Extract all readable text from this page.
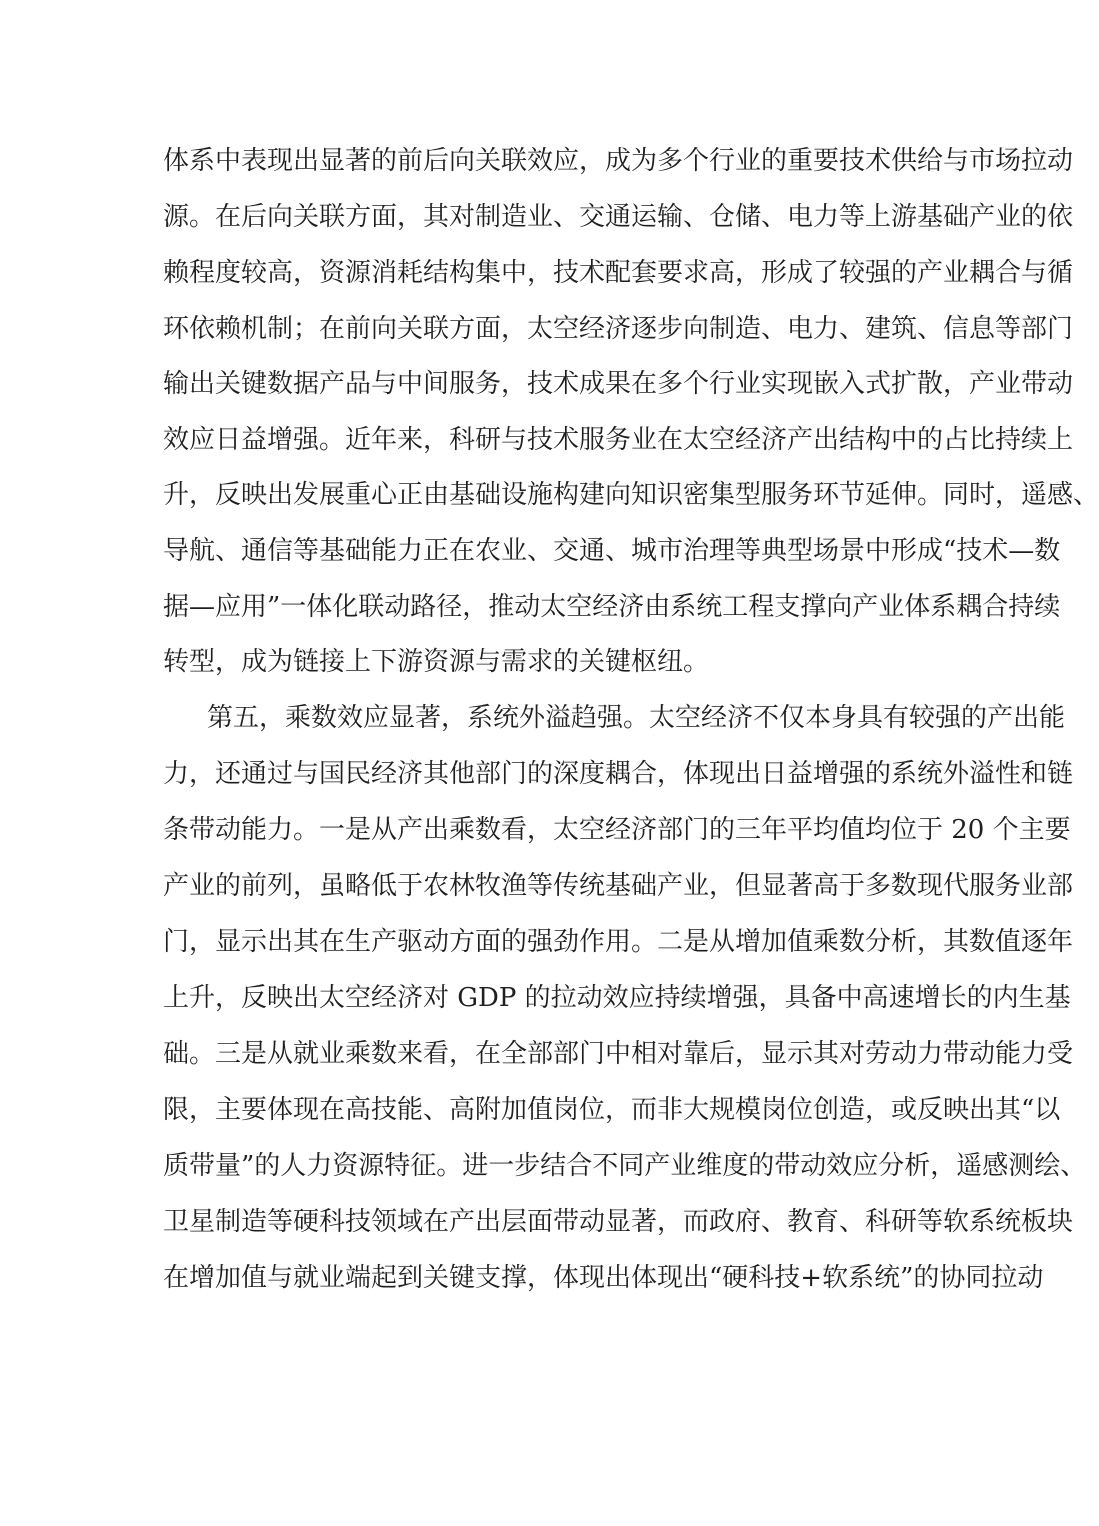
体系中表现出显著的前后向关联效应，成为多个行业的重要技术供给与市场拉动
源。在后向关联方面，其对制造业、交通运输、仓储、电力等上游基础产业的依
赖程度较高，资源消耗结构集中，技术配套要求高，形成了较强的产业耦合与循
环依赖机制；在前向关联方面，太空经济逐步向制造、电力、建筑、信息等部门
输出关键数据产品与中间服务，技术成果在多个行业实现嵌入式扩散，产业带动
效应日益增强。近年来，科研与技术服务业在太空经济产出结构中的占比持续上
升，反映出发展重心正由基础设施构建向知识密集型服务环节延伸。同时，遥感、
导航、通信等基础能力正在农业、交通、城市治理等典型场景中形成“技术—数
据—应用”一体化联动路径，推动太空经济由系统工程支撑向产业体系耦合持续
转型，成为链接上下游资源与需求的关键枢纽。
第五，乘数效应显著，系统外溢趋强。太空经济不仅本身具有较强的产出能
力，还通过与国民经济其他部门的深度耦合，体现出日益增强的系统外溢性和链
条带动能力。一是从产出乘数看，太空经济部门的三年平均值均位于 20 个主要
产业的前列，虽略低于农林牧渔等传统基础产业，但显著高于多数现代服务业部
门，显示出其在生产驱动方面的强劲作用。二是从增加值乘数分析，其数值逐年
上升，反映出太空经济对 GDP 的拉动效应持续增强，具备中高速增长的内生基
础。三是从就业乘数来看，在全部部门中相对靠后，显示其对劳动力带动能力受
限，主要体现在高技能、高附加值岗位，而非大规模岗位创造，或反映出其“以
质带量”的人力资源特征。进一步结合不同产业维度的带动效应分析，遥感测绘、
卫星制造等硬科技领域在产出层面带动显著，而政府、教育、科研等软系统板块
在增加值与就业端起到关键支撑，体现出体现出“硬科技+软系统”的协同拉动
